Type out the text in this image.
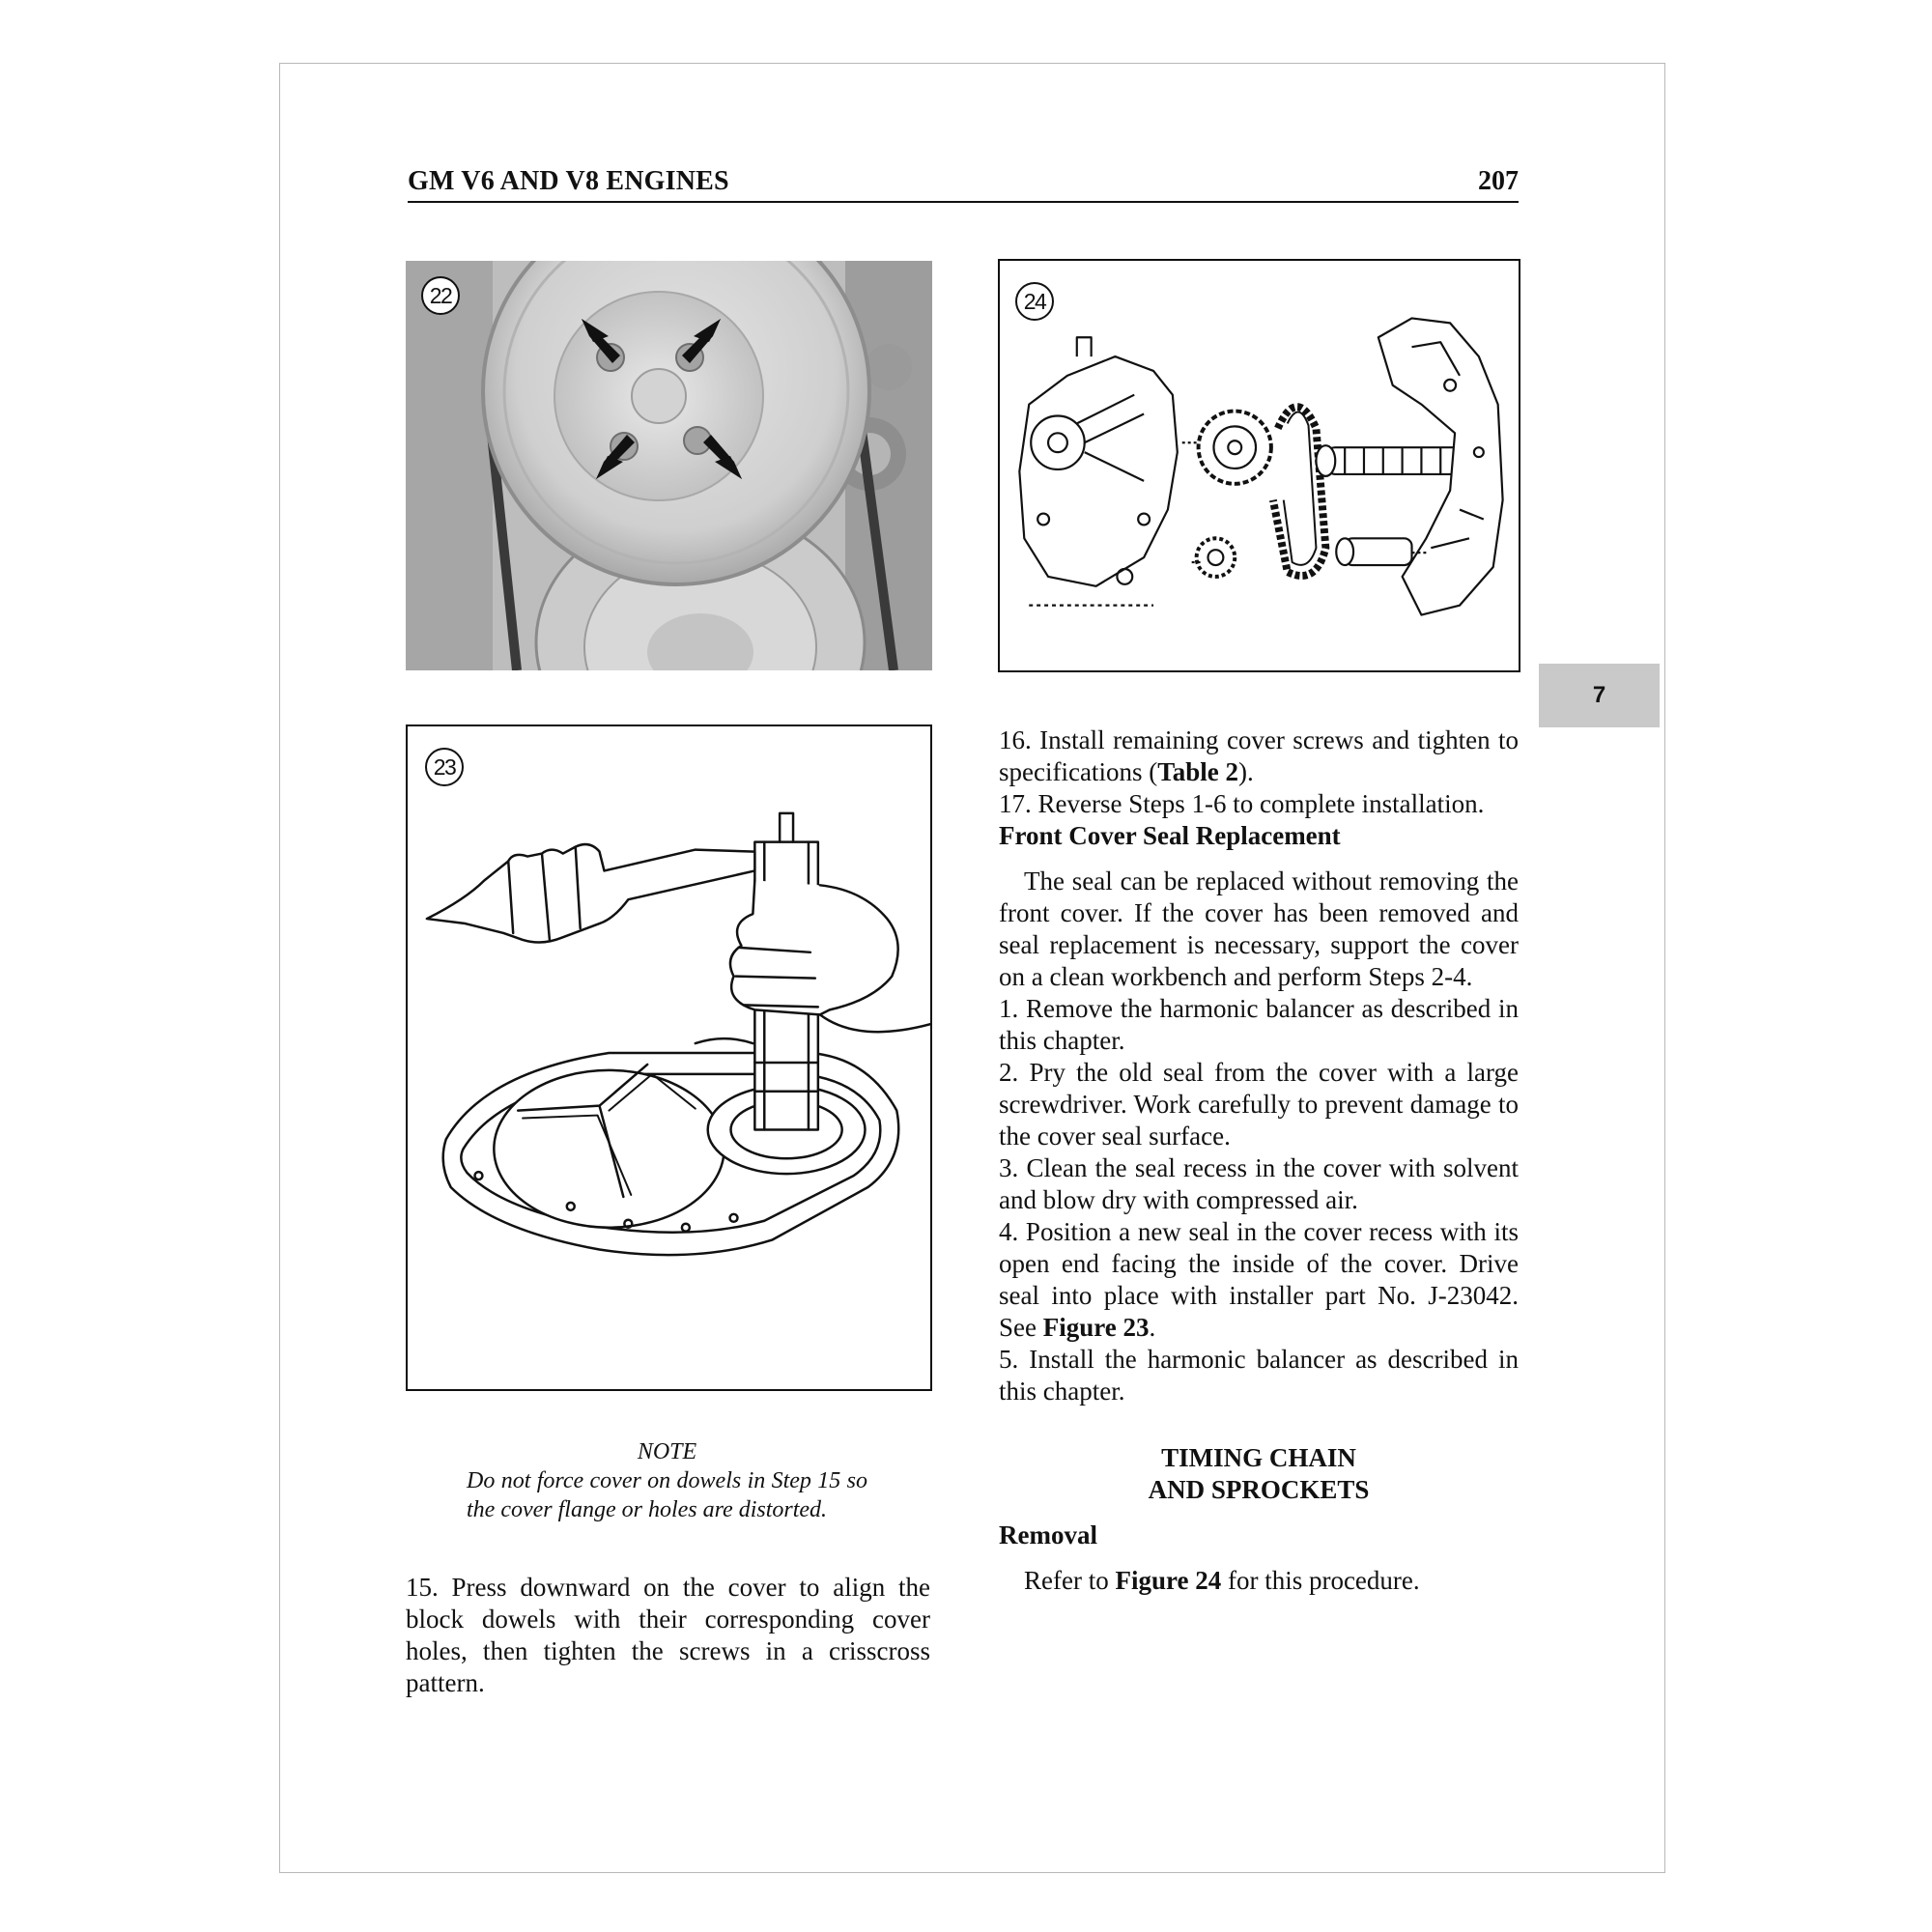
GM V6 AND V8 ENGINES	207
22
23
24
7
NOTE
Do not force cover on dowels in Step 15 so the cover flange or holes are distorted.

15. Press downward on the cover to align the block dowels with their corresponding cover holes, then tighten the screws in a crisscross pattern.

16. Install remaining cover screws and tighten to specifications (Table 2).

17. Reverse Steps 1-6 to complete installation.

Front Cover Seal Replacement

The seal can be replaced without removing the front cover. If the cover has been removed and seal replacement is necessary, support the cover on a clean workbench and perform Steps 2-4.

1. Remove the harmonic balancer as described in this chapter.

2. Pry the old seal from the cover with a large screwdriver. Work carefully to prevent damage to the cover seal surface.

3. Clean the seal recess in the cover with solvent and blow dry with compressed air.

4. Position a new seal in the cover recess with its open end facing the inside of the cover. Drive seal into place with installer part No. J-23042. See Figure 23.

5. Install the harmonic balancer as described in this chapter.

TIMING CHAIN

AND SPROCKETS

Removal

Refer to Figure 24 for this procedure.
